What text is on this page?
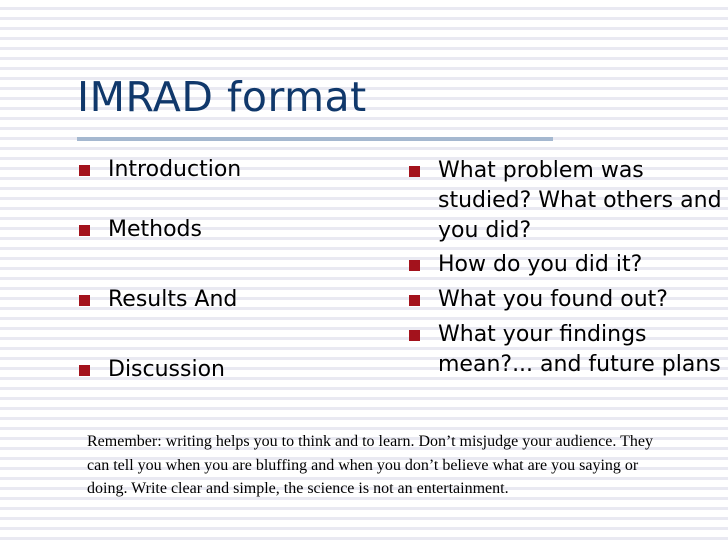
IMRAD format
Introduction
Methods
Results And
Discussion
What problem was studied? What others and you did?
How do you did it?
What you found out?
What your findings mean?... and future plans

Remember: writing helps you to think and to learn. Don’t misjudge your audience. They can tell you when you are bluffing and when you don’t believe what are you saying or doing. Write clear and simple, the science is not an entertainment.
